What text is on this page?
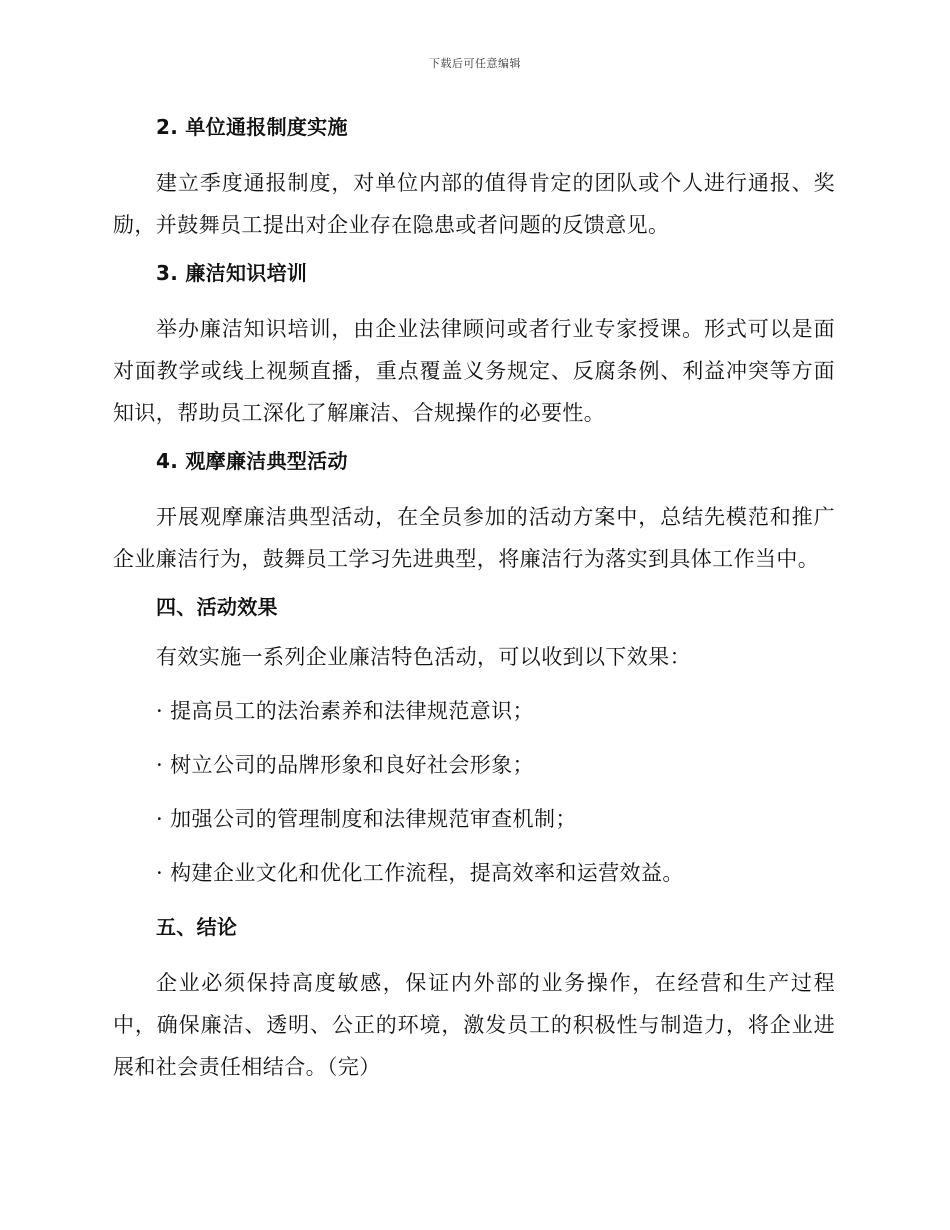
下载后可任意编辑
2. 单位通报制度实施
建立季度通报制度，对单位内部的值得肯定的团队或个人进行通报、奖励，并鼓舞员工提出对企业存在隐患或者问题的反馈意见。
3. 廉洁知识培训
举办廉洁知识培训，由企业法律顾问或者行业专家授课。形式可以是面对面教学或线上视频直播，重点覆盖义务规定、反腐条例、利益冲突等方面知识，帮助员工深化了解廉洁、合规操作的必要性。
4. 观摩廉洁典型活动
开展观摩廉洁典型活动，在全员参加的活动方案中，总结先模范和推广企业廉洁行为，鼓舞员工学习先进典型，将廉洁行为落实到具体工作当中。
四、活动效果
有效实施一系列企业廉洁特色活动，可以收到以下效果：
· 提高员工的法治素养和法律规范意识；
· 树立公司的品牌形象和良好社会形象；
· 加强公司的管理制度和法律规范审查机制；
· 构建企业文化和优化工作流程，提高效率和运营效益。
五、结论
企业必须保持高度敏感，保证内外部的业务操作，在经营和生产过程中，确保廉洁、透明、公正的环境，激发员工的积极性与制造力，将企业进展和社会责任相结合。（完）
